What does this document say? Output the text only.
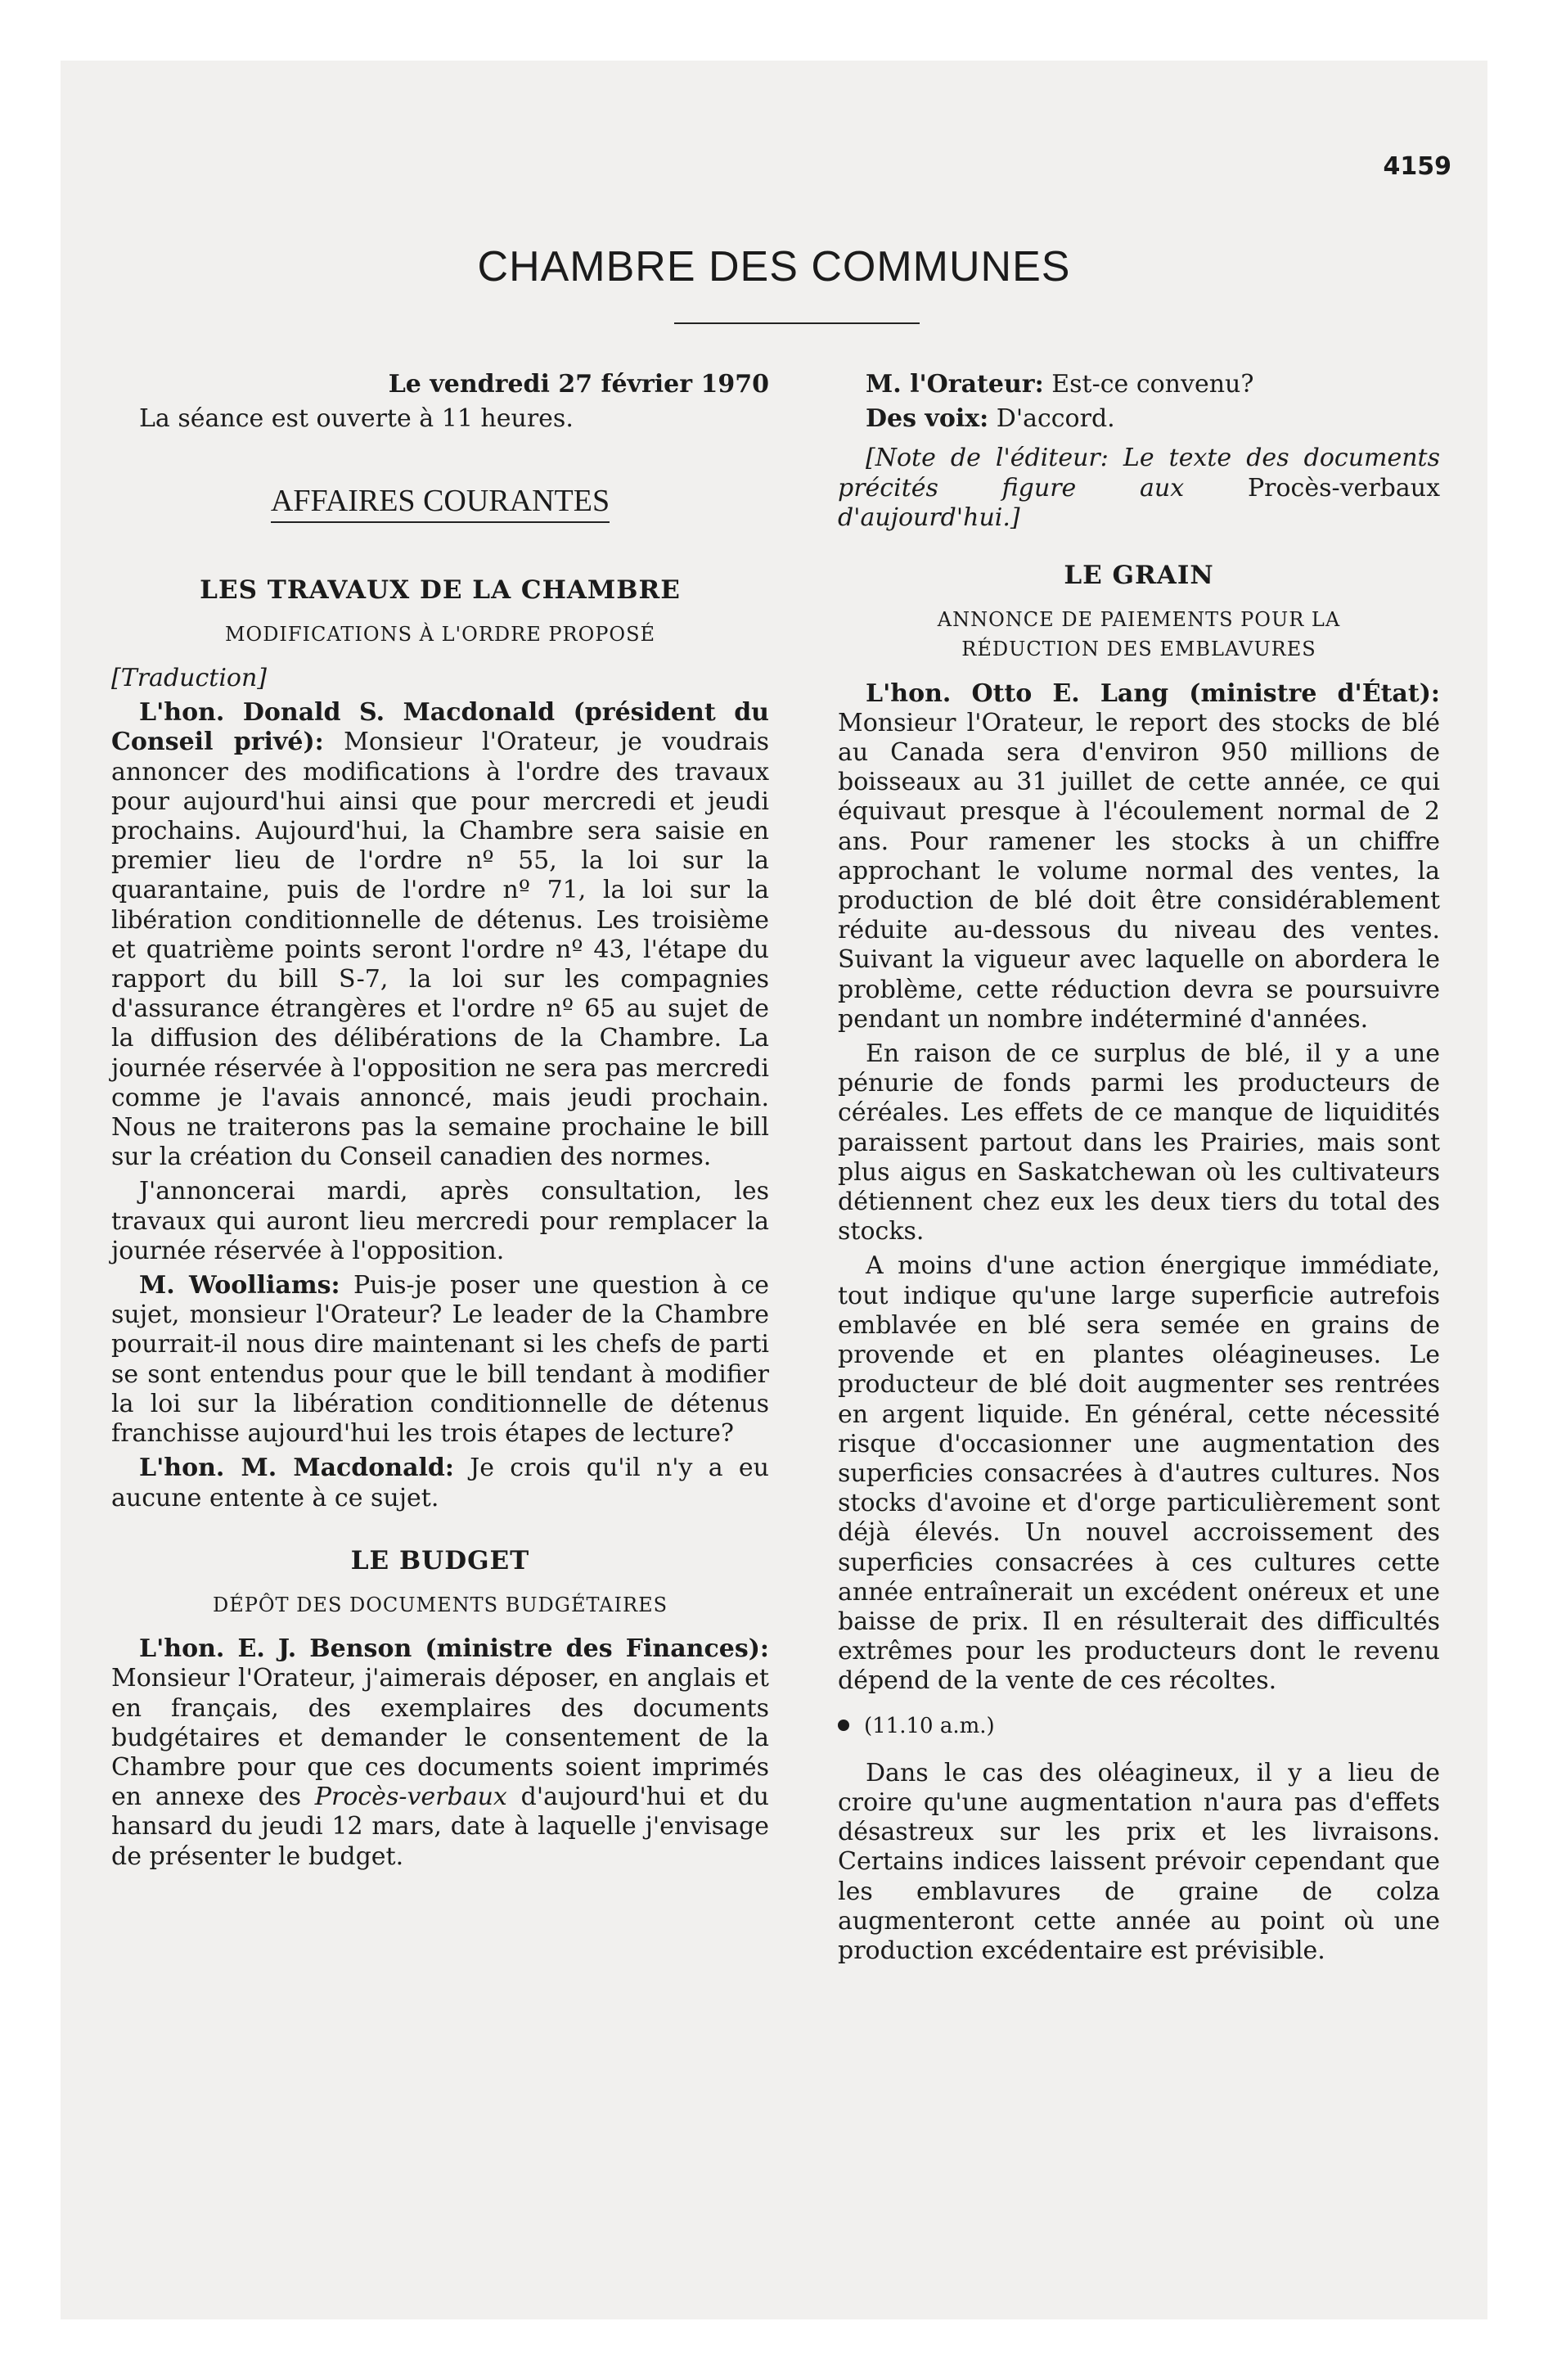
4159
CHAMBRE DES COMMUNES
Le vendredi 27 février 1970

La séance est ouverte à 11 heures.

AFFAIRES COURANTES
LES TRAVAUX DE LA CHAMBRE
MODIFICATIONS À L'ORDRE PROPOSÉ

[Traduction]

L'hon. Donald S. Macdonald (président du Conseil privé): Monsieur l'Orateur, je voudrais annoncer des modifications à l'ordre des travaux pour aujourd'hui ainsi que pour mercredi et jeudi prochains. Aujourd'hui, la Chambre sera saisie en premier lieu de l'ordre nº 55, la loi sur la quarantaine, puis de l'ordre nº 71, la loi sur la libération conditionnelle de détenus. Les troisième et quatrième points seront l'ordre nº 43, l'étape du rapport du bill S-7, la loi sur les compagnies d'assurance étrangères et l'ordre nº 65 au sujet de la diffusion des délibérations de la Chambre. La journée réservée à l'opposition ne sera pas mercredi comme je l'avais annoncé, mais jeudi prochain. Nous ne traiterons pas la semaine prochaine le bill sur la création du Conseil canadien des normes.

J'annoncerai mardi, après consultation, les travaux qui auront lieu mercredi pour remplacer la journée réservée à l'opposition.

M. Woolliams: Puis-je poser une question à ce sujet, monsieur l'Orateur? Le leader de la Chambre pourrait-il nous dire maintenant si les chefs de parti se sont entendus pour que le bill tendant à modifier la loi sur la libération conditionnelle de détenus franchisse aujourd'hui les trois étapes de lecture?

L'hon. M. Macdonald: Je crois qu'il n'y a eu aucune entente à ce sujet.

LE BUDGET
DÉPÔT DES DOCUMENTS BUDGÉTAIRES

L'hon. E. J. Benson (ministre des Finances): Monsieur l'Orateur, j'aimerais déposer, en anglais et en français, des exemplaires des documents budgétaires et demander le consentement de la Chambre pour que ces documents soient imprimés en annexe des Procès-verbaux d'aujourd'hui et du hansard du jeudi 12 mars, date à laquelle j'envisage de présenter le budget.

M. l'Orateur: Est-ce convenu?

Des voix: D'accord.

[Note de l'éditeur: Le texte des documents précités figure aux Procès-verbaux d'aujourd'hui.]

LE GRAIN
ANNONCE DE PAIEMENTS POUR LA RÉDUCTION DES EMBLAVURES

L'hon. Otto E. Lang (ministre d'État): Monsieur l'Orateur, le report des stocks de blé au Canada sera d'environ 950 millions de boisseaux au 31 juillet de cette année, ce qui équivaut presque à l'écoulement normal de 2 ans. Pour ramener les stocks à un chiffre approchant le volume normal des ventes, la production de blé doit être considérablement réduite au-dessous du niveau des ventes. Suivant la vigueur avec laquelle on abordera le problème, cette réduction devra se poursuivre pendant un nombre indéterminé d'années.

En raison de ce surplus de blé, il y a une pénurie de fonds parmi les producteurs de céréales. Les effets de ce manque de liquidités paraissent partout dans les Prairies, mais sont plus aigus en Saskatchewan où les cultivateurs détiennent chez eux les deux tiers du total des stocks.

A moins d'une action énergique immédiate, tout indique qu'une large superficie autrefois emblavée en blé sera semée en grains de provende et en plantes oléagineuses. Le producteur de blé doit augmenter ses rentrées en argent liquide. En général, cette nécessité risque d'occasionner une augmentation des superficies consacrées à d'autres cultures. Nos stocks d'avoine et d'orge particulièrement sont déjà élevés. Un nouvel accroissement des superficies consacrées à ces cultures cette année entraînerait un excédent onéreux et une baisse de prix. Il en résulterait des difficultés extrêmes pour les producteurs dont le revenu dépend de la vente de ces récoltes.

(11.10 a.m.)

Dans le cas des oléagineux, il y a lieu de croire qu'une augmentation n'aura pas d'effets désastreux sur les prix et les livraisons. Certains indices laissent prévoir cependant que les emblavures de graine de colza augmenteront cette année au point où une production excédentaire est prévisible.
